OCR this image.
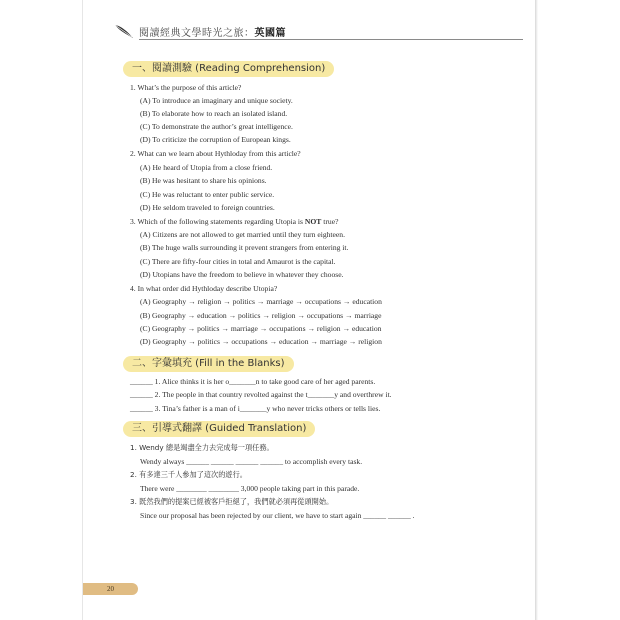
閱讀經典文學時光之旅：英國篇
一、閱讀測驗 (Reading Comprehension)
1. What’s the purpose of this article?
(A) To introduce an imaginary and unique society.
(B) To elaborate how to reach an isolated island.
(C) To demonstrate the author’s great intelligence.
(D) To criticize the corruption of European kings.
2. What can we learn about Hythloday from this article?
(A) He heard of Utopia from a close friend.
(B) He was hesitant to share his opinions.
(C) He was reluctant to enter public service.
(D) He seldom traveled to foreign countries.
3. Which of the following statements regarding Utopia is NOT true?
(A) Citizens are not allowed to get married until they turn eighteen.
(B) The huge walls surrounding it prevent strangers from entering it.
(C) There are fifty-four cities in total and Amaurot is the capital.
(D) Utopians have the freedom to believe in whatever they choose.
4. In what order did Hythloday describe Utopia?
(A) Geography → religion → politics → marriage → occupations → education
(B) Geography → education → politics → religion → occupations → marriage
(C) Geography → politics → marriage → occupations → religion → education
(D) Geography → politics → occupations → education → marriage → religion
二、字彙填充 (Fill in the Blanks)
______ 1. Alice thinks it is her o_______n to take good care of her aged parents.
______ 2. The people in that country revolted against the t_______y and overthrew it.
______ 3. Tina’s father is a man of i_______y who never tricks others or tells lies.
三、引導式翻譯 (Guided Translation)
1. Wendy 總是竭盡全力去完成每一項任務。
Wendy always ______ ______ ______ ______ to accomplish every task.
2. 有多達三千人參加了這次的遊行。
There were ________ ________ 3,000 people taking part in this parade.
3. 既然我們的提案已經被客戶拒絕了，我們就必須再從頭開始。
Since our proposal has been rejected by our client, we have to start again ______ ______ .
20
